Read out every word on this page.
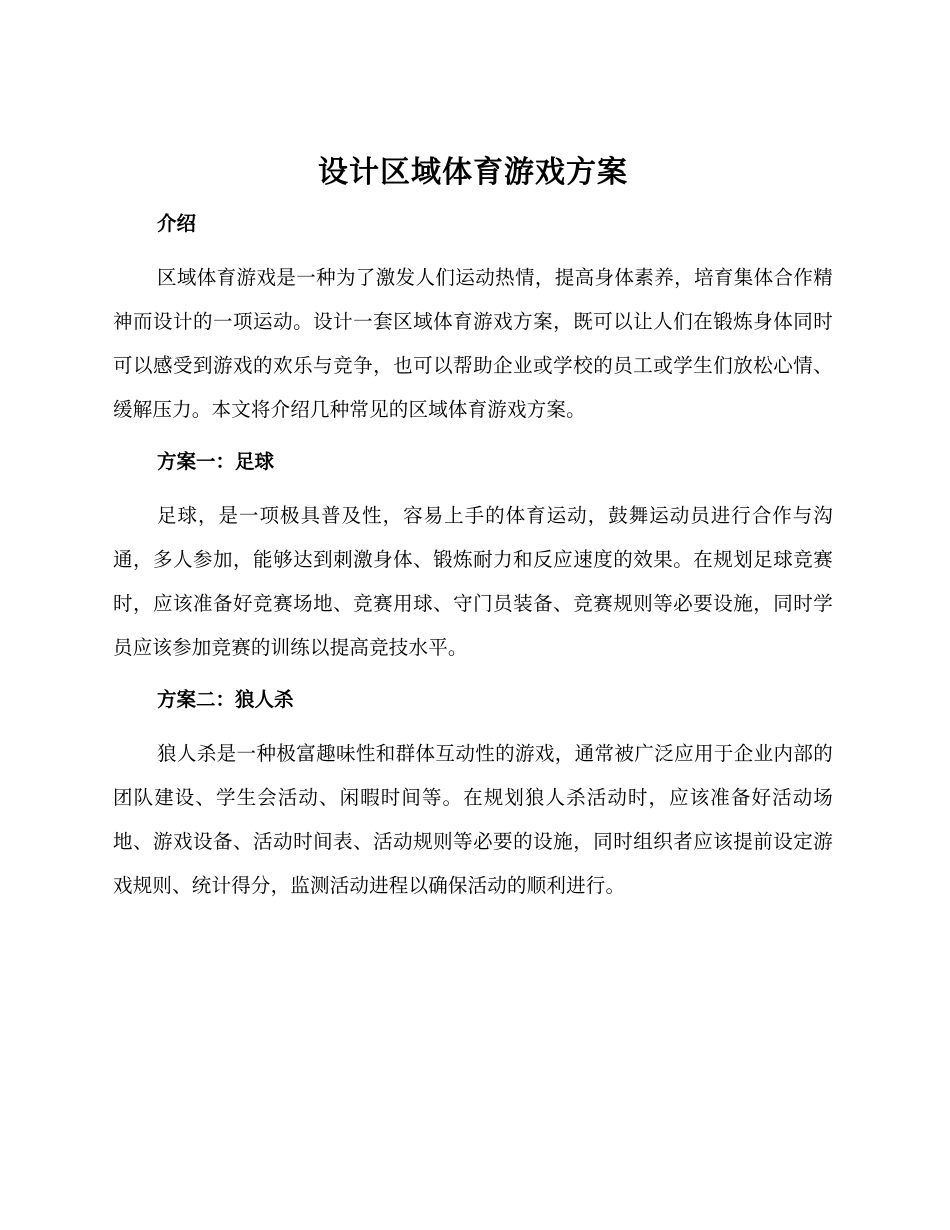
设计区域体育游戏方案
介绍

区域体育游戏是一种为了激发人们运动热情，提高身体素养，培育集体合作精神而设计的一项运动。设计一套区域体育游戏方案，既可以让人们在锻炼身体同时可以感受到游戏的欢乐与竞争，也可以帮助企业或学校的员工或学生们放松心情、缓解压力。本文将介绍几种常见的区域体育游戏方案。

方案一：足球

足球，是一项极具普及性，容易上手的体育运动，鼓舞运动员进行合作与沟通，多人参加，能够达到刺激身体、锻炼耐力和反应速度的效果。在规划足球竞赛时，应该准备好竞赛场地、竞赛用球、守门员装备、竞赛规则等必要设施，同时学员应该参加竞赛的训练以提高竞技水平。

方案二：狼人杀

狼人杀是一种极富趣味性和群体互动性的游戏，通常被广泛应用于企业内部的团队建设、学生会活动、闲暇时间等。在规划狼人杀活动时，应该准备好活动场地、游戏设备、活动时间表、活动规则等必要的设施，同时组织者应该提前设定游戏规则、统计得分，监测活动进程以确保活动的顺利进行。
